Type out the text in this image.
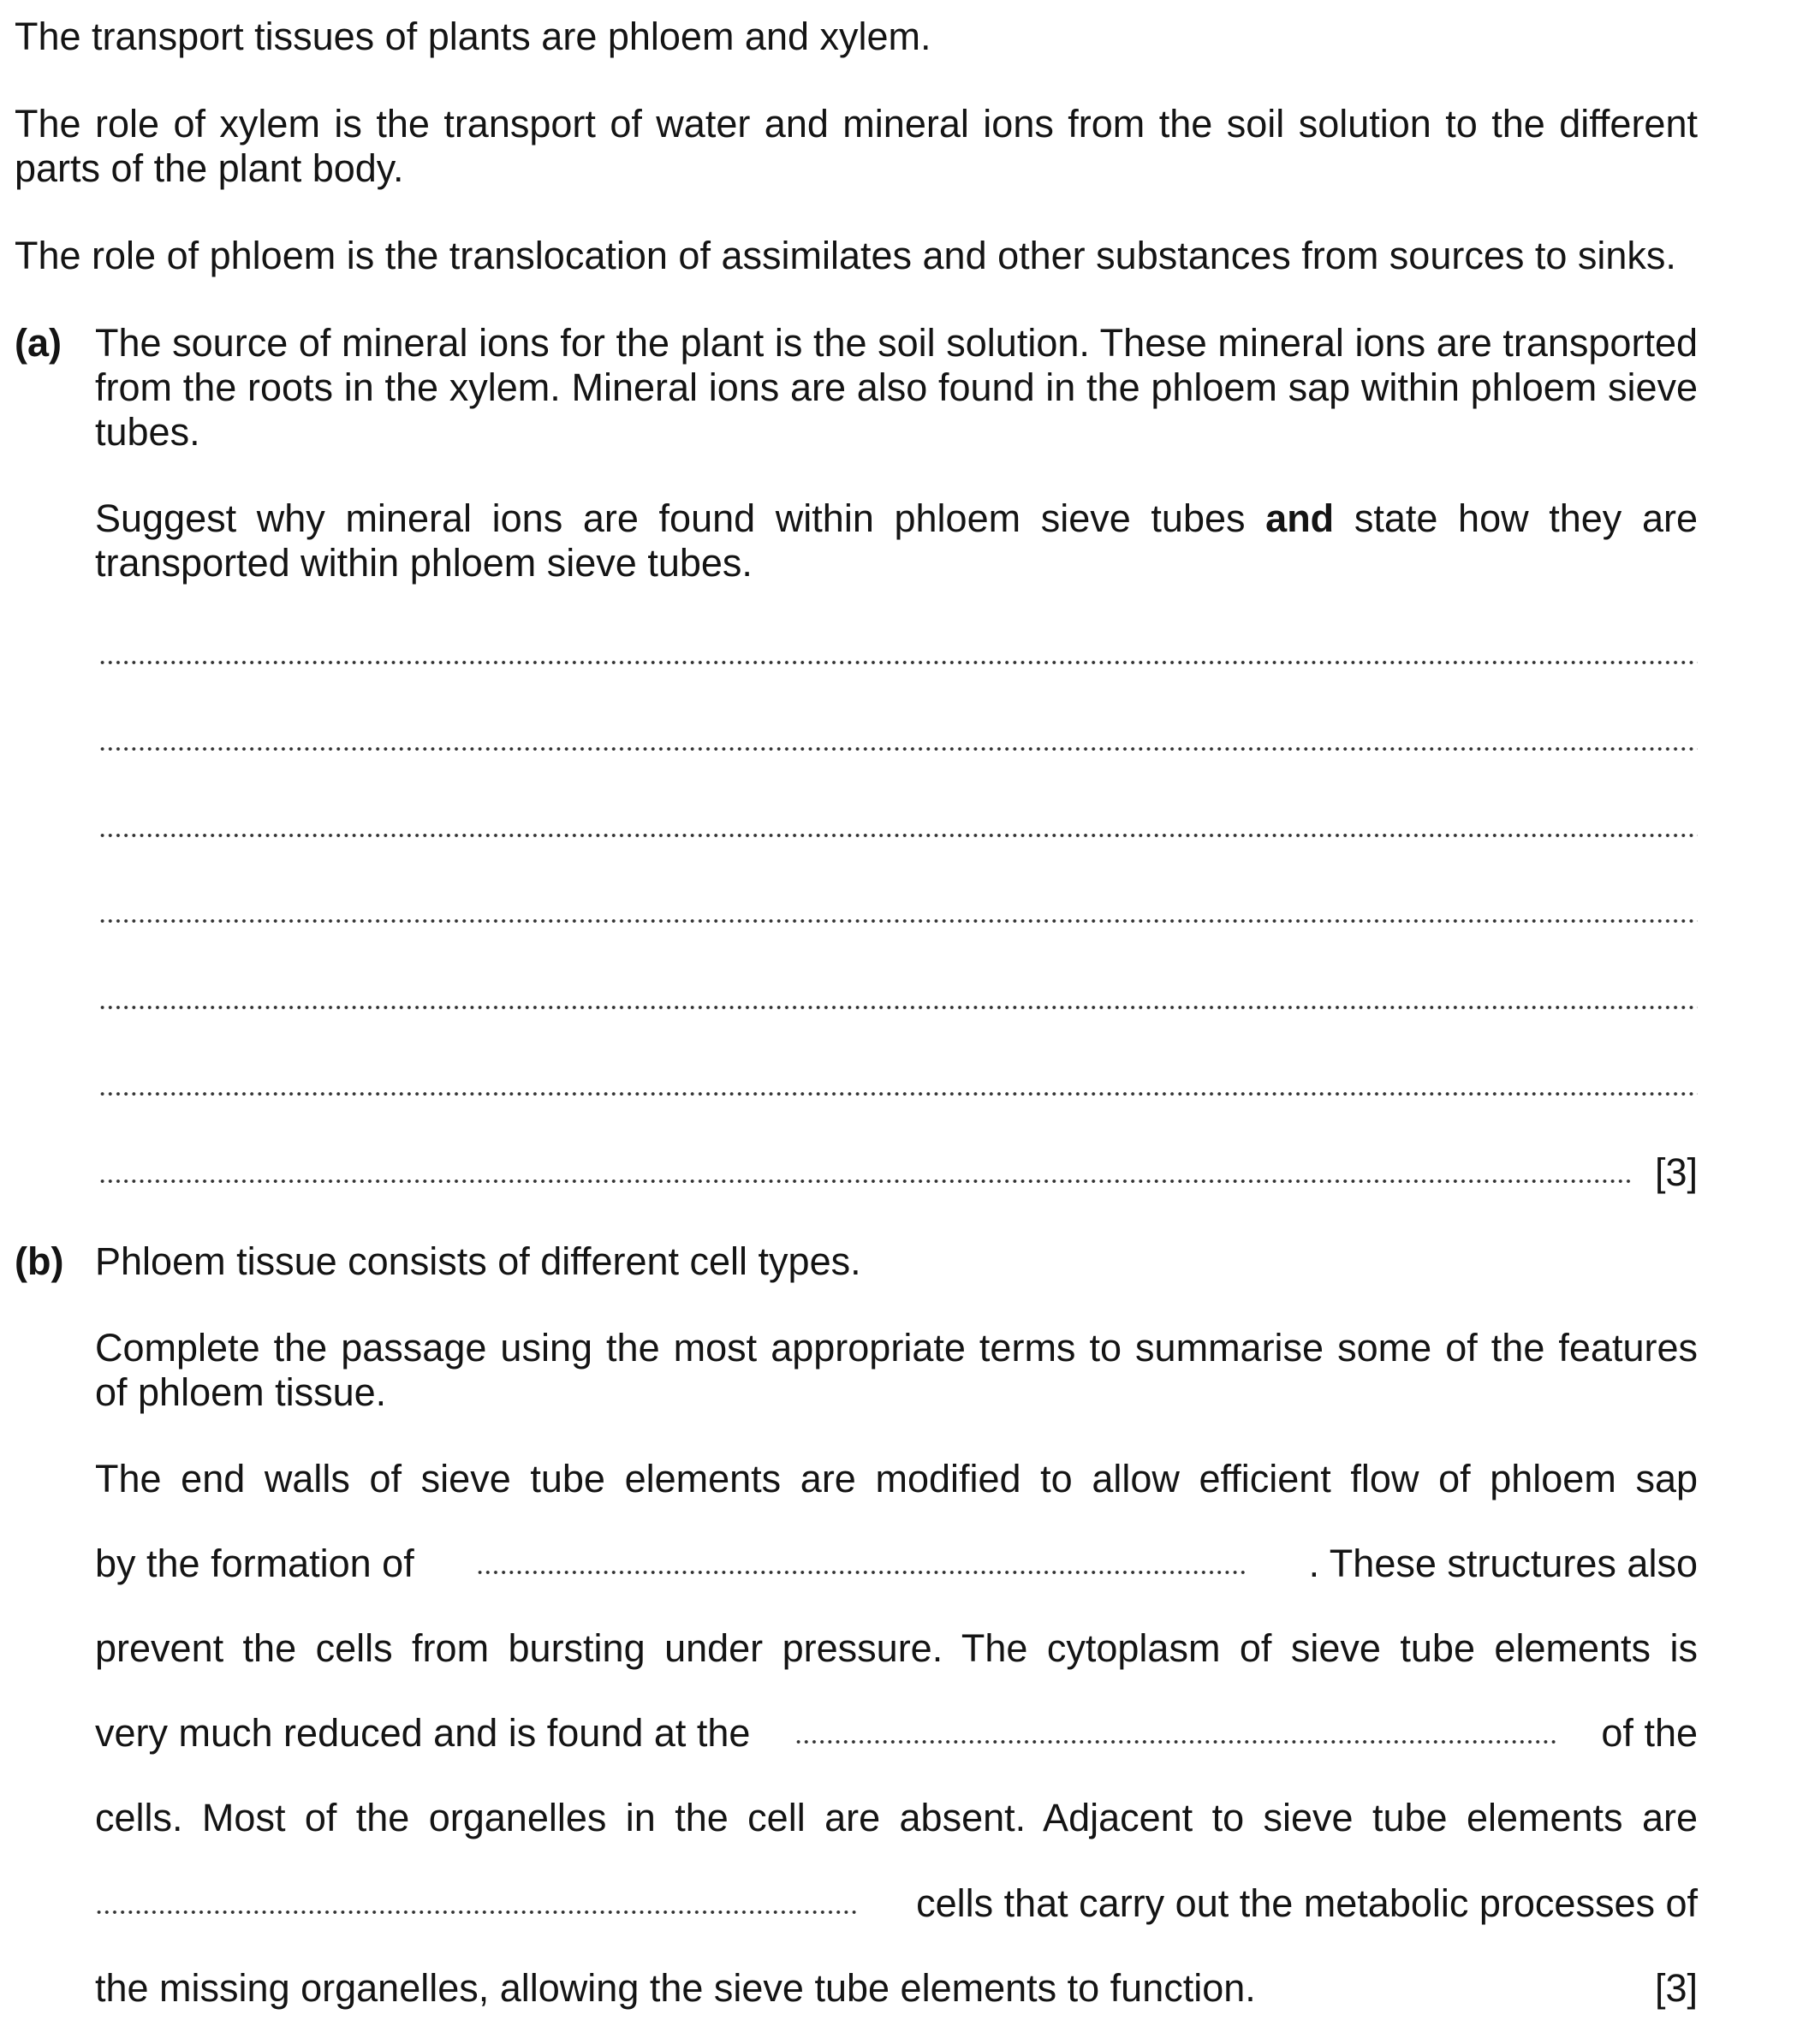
The transport tissues of plants are phloem and xylem.
The role of xylem is the transport of water and mineral ions from the soil solution to the different parts of the plant body.
The role of phloem is the translocation of assimilates and other substances from sources to sinks.
(a) The source of mineral ions for the plant is the soil solution. These mineral ions are transported from the roots in the xylem. Mineral ions are also found in the phloem sap within phloem sieve tubes.
Suggest why mineral ions are found within phloem sieve tubes and state how they are transported within phloem sieve tubes.
[3]
(b) Phloem tissue consists of different cell types.
Complete the passage using the most appropriate terms to summarise some of the features of phloem tissue.
The end walls of sieve tube elements are modified to allow efficient flow of phloem sap
by the formation of	. These structures also
prevent the cells from bursting under pressure. The cytoplasm of sieve tube elements is
very much reduced and is found at the	of the
cells. Most of the organelles in the cell are absent. Adjacent to sieve tube elements are
cells that carry out the metabolic processes of
the missing organelles, allowing the sieve tube elements to function.	[3]
